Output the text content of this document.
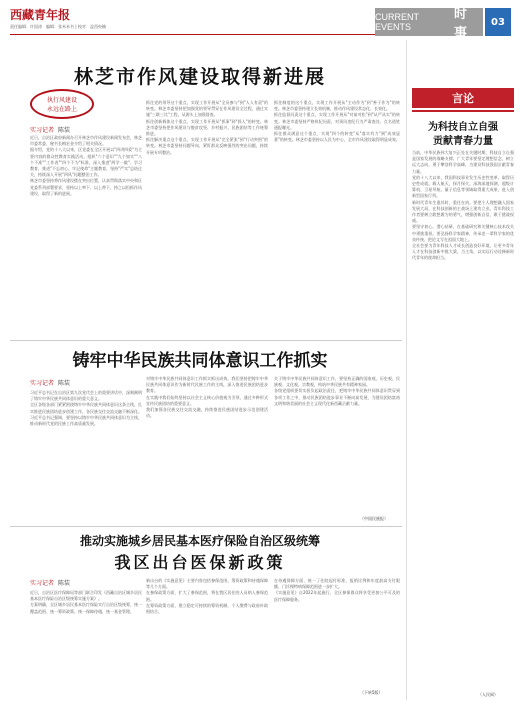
西藏青年报
责任编辑：许国涛　编辑：张米米书 | 校对：益西央楠
CURRENT EVENTS
时事
03
林芝市作风建设取得新进展
执行风建设
永远在路上
实习记者 陈装
近日，自治区政府新闻办召开林芝市作风建设新闻发布会，林芝市委常委、秘书长梅宏金介绍了相关情况。
据介绍，党的十八大以来，区党委在全区开展以"四讲四爱"为主要内容的群众性教育实践活动，组织"六个意识""九个如实""八个不准""工作表""四个不为"标准，深入推进"两学一做"、学习教育，推进"不忘初心、牢记使命"主题教育，坚持"严实"总结过关，持续深入开展"四风"问题整治工作。
林芝市委坚持将作风建设摆在突出位置，认真贯彻落实中央和区党委系列部署要求，坚持以上率下、以上带下，持之以恒抓作风建设，取得了新的进展。
抓住党的领导这个重点，实现工作开展从"全员参与"到"人人有责"的转变。林芝市委坚持把加强党的领导贯穿在作风建设全过程，通过实施"三联三比"工程，从源头上加强督查。
抓住创新载体这个重点，实现工作开展从"抓事"到"抓人"的转变。林芝市委坚持把作风建设与脱贫攻坚、乡村振兴、民族团结等工作统筹推进。
抓住解决重点这个重点，实现工作开展从"完全紧张"到"行动突围"的转变。林芝市委坚持问题导向，紧盯群众反映强烈的突出问题，持续开展专项整治。
抓住制度的这个重点，实现工作开展从"主动作为"到"善于作为"的转变。林芝市委坚持建立长效机制，推动作风建设常态化、长效化。
抓住监督问责这个重点，实现工作开展从"对前对松"到"从严从实"的转变。林芝市委坚持严格执纪问责，对顶风违纪行为严肃查处、点名道姓通报曝光。
抓住群众满意这个重点，实现"四个的转变"从"落实有力"到"成效显著"的转变。林芝市委坚持以人民为中心，全市作风建设取得明显成效。
铸牢中华民族共同体意识工作抓实
实习记者 陈装
习近平总书记在自治区第九次党代会上的重要讲话中，深刻阐明了铸牢中华民族共同体意识的重大意义。
全区各级各部门紧紧围绕铸牢中华民族共同体意识这条主线，扎实推进民族团结进步创建工作，各民族交往交流交融不断深化。
习近平总书记强调，要坚持以铸牢中华民族共同体意识为主线，推动新时代党的民族工作高质量发展。
对铸牢中华民族共同体意识工作抓实抓出成效。我们坚持把铸牢中华民族共同体意识作为新时代民族工作的主线，深入推进民族团结进步教育。
在实践中我们始终坚持以社会主义核心价值观为引领，通过多种形式宣传民族团结的重要意义。
我们加强各民族交往交流交融，持续推进民族团结进步示范创建活动。
关于铸牢中华民族共同体意识工作，要坚持正确的国家观、历史观、民族观、文化观、宗教观，构筑中华民族共有精神家园。
各级党组织要切实担负起政治责任，把铸牢中华民族共同体意识贯穿到各项工作之中，推动民族团结进步事业不断向前发展，为建设团结富裕文明和谐美丽的社会主义现代化新西藏贡献力量。
（中国民族报）
推动实施城乡居民基本医疗保险自治区级统筹
我区出台医保新政策
实习记者 陈装
近日，自治区医疗保障局等部门联合印发《西藏自治区城乡居民基本医疗保险自治区级统筹实施方案》。
方案明确，全区城乡居民基本医疗保险实行自治区级统筹，统一覆盖范围、统一筹资政策、统一保障待遇、统一基金管理。
新出台的《实施意见》主要内容包括参保范围、筹资政策和待遇保障等几个方面。
在参保政策方面，扩大了参保范围，将在我区居住的人员纳入参保范围。
在筹资政策方面，建立稳定可持续的筹资机制，个人缴费与政府补助相结合。
在待遇保障方面，统一了住院起付标准、报销比例和年度最高支付限额，门诊慢特病保障范围进一步扩大。
《实施意见》自2022年起施行，全区参保群众将享受更加公平可及的医疗保障服务。
（下转5版）
言论
为科技自立自强
贡献青春力量
当前，中华民族伟大复兴正处在关键时期，科技自立自强是国家发展的战略支撑。广大青年要坚定理想信念，树立远大志向，勇于攀登科学高峰，为建设科技强国贡献青春力量。
党的十八大以来，我国科技事业发生历史性变革、取得历史性成就。载人航天、探月探火、深海深地探测、超级计算机、卫星导航、量子信息等领域取得重大成果，进入创新型国家行列。
新时代青年生逢其时，重任在肩。要把个人理想融入国家发展大局，在科技创新的主战场上建功立业。青年科技工作者要树立敢想敢为的勇气，增强创新自信，敢于挑战权威。
要坚守初心、潜心钻研，在基础研究和关键核心技术攻关中勇挑重担。要弘扬科学家精神，传承老一辈科学家的优良传统，把论文写在祖国大地上。
全社会要为青年科技人才成长创造良好环境，让更多青年人才在科技创新中挑大梁、当主角，以实际行动诠释新时代青年的使命担当。
（人民网）
